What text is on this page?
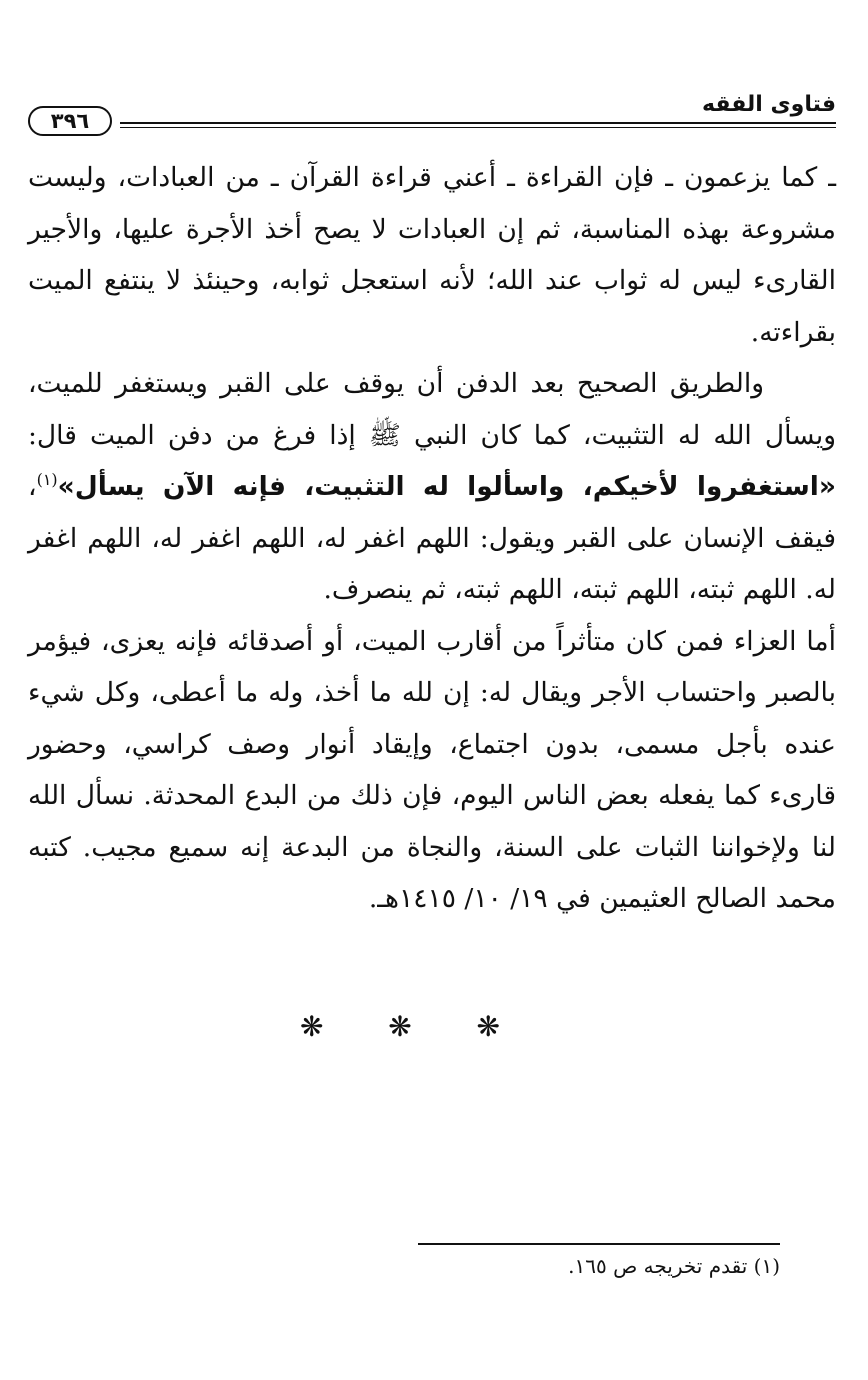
فتاوى الفقه
٣٩٦

ـ كما يزعمون ـ فإن القراءة ـ أعني قراءة القرآن ـ من العبادات، وليست مشروعة بهذه المناسبة، ثم إن العبادات لا يصح أخذ الأجرة عليها، والأجير القارىء ليس له ثواب عند الله؛ لأنه استعجل ثوابه، وحينئذ لا ينتفع الميت بقراءته.

والطريق الصحيح بعد الدفن أن يوقف على القبر ويستغفر للميت، ويسأل الله له التثبيت، كما كان النبي ﷺ إذا فرغ من دفن الميت قال: «استغفروا لأخيكم، واسألوا له التثبيت، فإنه الآن يسأل»$^{(١)}$، فيقف الإنسان على القبر ويقول: اللهم اغفر له، اللهم اغفر له، اللهم اغفر له. اللهم ثبته، اللهم ثبته، اللهم ثبته، ثم ينصرف.

أما العزاء فمن كان متأثراً من أقارب الميت، أو أصدقائه فإنه يعزى، فيؤمر بالصبر واحتساب الأجر ويقال له: إن لله ما أخذ، وله ما أعطى، وكل شيء عنده بأجل مسمى، بدون اجتماع، وإيقاد أنوار وصف كراسي، وحضور قارىء كما يفعله بعض الناس اليوم، فإن ذلك من البدع المحدثة. نسأل الله لنا ولإخواننا الثبات على السنة، والنجاة من البدعة إنه سميع مجيب. كتبه محمد الصالح العثيمين في ١٩/ ١٠/ ١٤١٥هـ.

❋
❋
❋
(١) تقدم تخريجه ص ١٦٥.
